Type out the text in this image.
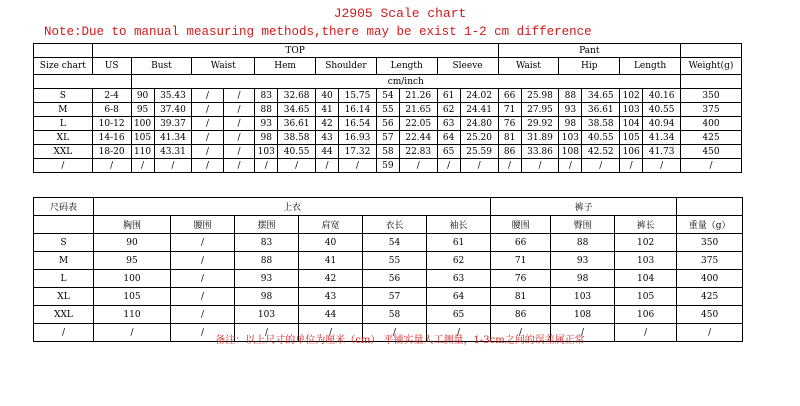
J2905 Scale chart
Note:Due to manual measuring methods,there may be exist 1-2 cm difference
	TOP													Pant						
Size chart	US	Bust		Waist		Hem		Shoulder		Length		Sleeve		Waist		Hip		Length		Weight(g)
		cm/inch																		
S	2-4	90	35.43	/	/	83	32.68	40	15.75	54	21.26	61	24.02	66	25.98	88	34.65	102	40.16	350
M	6-8	95	37.40	/	/	88	34.65	41	16.14	55	21.65	62	24.41	71	27.95	93	36.61	103	40.55	375
L	10-12	100	39.37	/	/	93	36.61	42	16.54	56	22.05	63	24.80	76	29.92	98	38.58	104	40.94	400
XL	14-16	105	41.34	/	/	98	38.58	43	16.93	57	22.44	64	25.20	81	31.89	103	40.55	105	41.34	425
XXL	18-20	110	43.31	/	/	103	40.55	44	17.32	58	22.83	65	25.59	86	33.86	108	42.52	106	41.73	450
/	/	/	/	/	/	/	/	/	/	59	/	/	/	/	/	/	/	/	/	/
尺码表	上衣						裤子			
	胸围	腰围	摆围	肩宽	衣长	袖长	腰围	臀围	裤长	重量（g）
S	90	/	83	40	54	61	66	88	102	350
M	95	/	88	41	55	62	71	93	103	375
L	100	/	93	42	56	63	76	98	104	400
XL	105	/	98	43	57	64	81	103	105	425
XXL	110	/	103	44	58	65	86	108	106	450
/	/	/	/	/	/	/	/	/	/	/
备注：以上尺寸的单位为厘米（cm） 平铺实量人工测量，1-3cm之间的误差属正常
